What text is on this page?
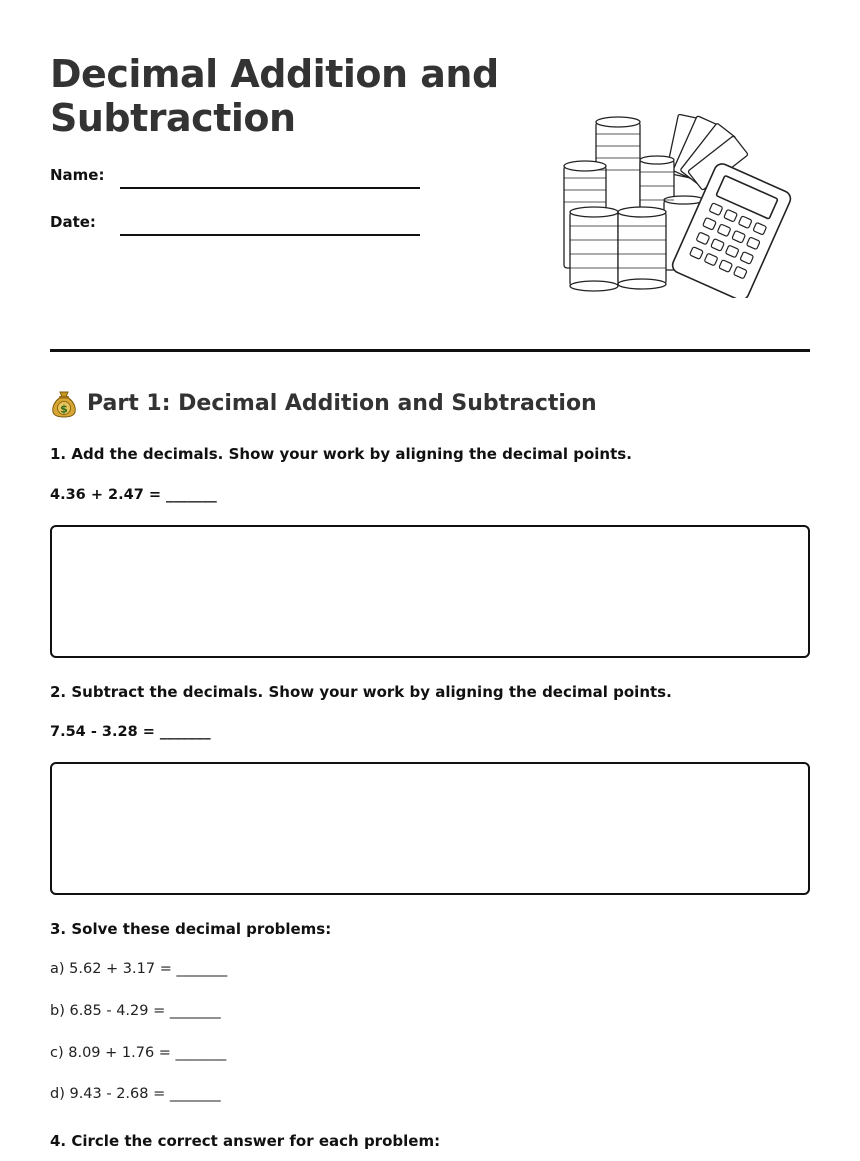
Decimal Addition and Subtraction
Name:
Date:
$ Part 1: Decimal Addition and Subtraction
1. Add the decimals. Show your work by aligning the decimal points.
4.36 + 2.47 = _______
2. Subtract the decimals. Show your work by aligning the decimal points.
7.54 - 3.28 = _______
3. Solve these decimal problems:
a) 5.62 + 3.17 = _______
b) 6.85 - 4.29 = _______
c) 8.09 + 1.76 = _______
d) 9.43 - 2.68 = _______
4. Circle the correct answer for each problem:
